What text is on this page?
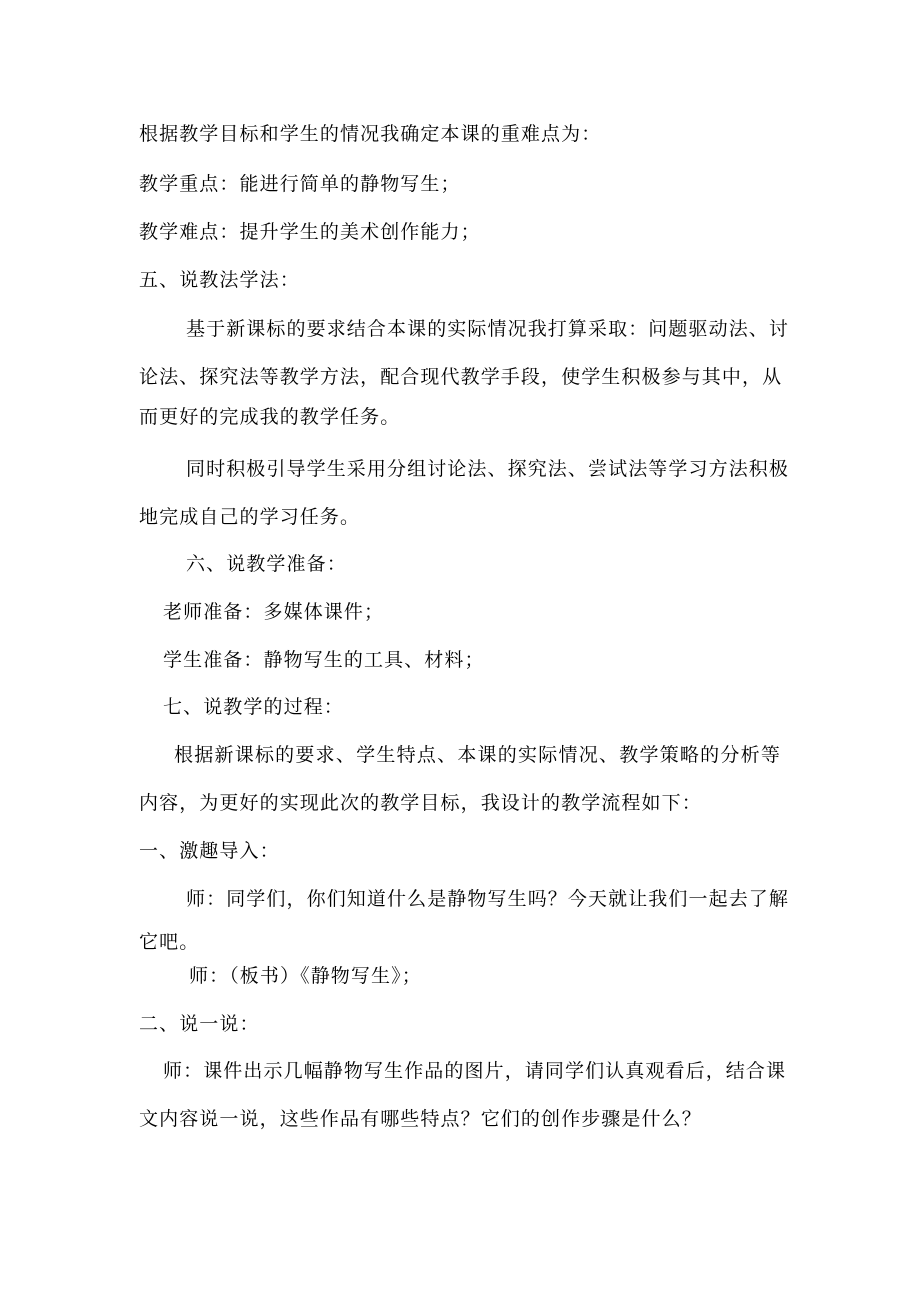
根据教学目标和学生的情况我确定本课的重难点为：
教学重点：能进行简单的静物写生；
教学难点：提升学生的美术创作能力；
五、说教法学法：
基于新课标的要求结合本课的实际情况我打算采取：问题驱动法、讨
论法、探究法等教学方法，配合现代教学手段，使学生积极参与其中，从
而更好的完成我的教学任务。
同时积极引导学生采用分组讨论法、探究法、尝试法等学习方法积极
地完成自己的学习任务。
六、说教学准备：
老师准备：多媒体课件；
学生准备：静物写生的工具、材料；
七、说教学的过程：
根据新课标的要求、学生特点、本课的实际情况、教学策略的分析等
内容，为更好的实现此次的教学目标，我设计的教学流程如下：
一、激趣导入：
师：同学们，你们知道什么是静物写生吗？今天就让我们一起去了解
它吧。
师：（板书）《静物写生》；
二、说一说：
师：课件出示几幅静物写生作品的图片，请同学们认真观看后，结合课
文内容说一说，这些作品有哪些特点？它们的创作步骤是什么？
